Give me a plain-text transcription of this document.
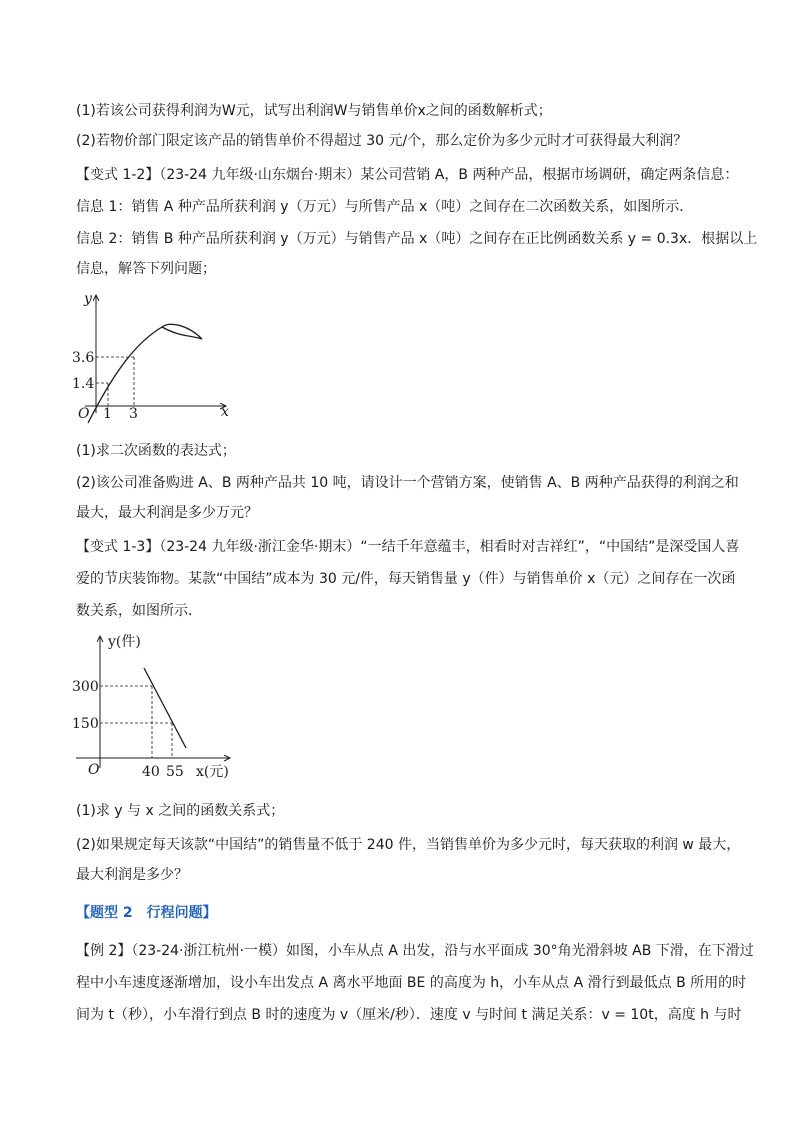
(1)若该公司获得利润为W元，试写出利润W与销售单价x之间的函数解析式；
(2)若物价部门限定该产品的销售单价不得超过 30 元/个，那么定价为多少元时才可获得最大利润？
【变式 1-2】（23-24 九年级·山东烟台·期末）某公司营销 A，B 两种产品，根据市场调研，确定两条信息：
信息 1：销售 A 种产品所获利润 y（万元）与所售产品 x（吨）之间存在二次函数关系，如图所示．
信息 2：销售 B 种产品所获利润 y（万元）与销售产品 x（吨）之间存在正比例函数关系 y = 0.3x．根据以上
信息，解答下列问题；
y
x
O
3.6
1.4
1 3
(1)求二次函数的表达式；
(2)该公司准备购进 A、B 两种产品共 10 吨，请设计一个营销方案，使销售 A、B 两种产品获得的利润之和
最大，最大利润是多少万元？
【变式 1-3】（23-24 九年级·浙江金华·期末）“一结千年意蕴丰，相看时对吉祥红”，“中国结”是深受国人喜
爱的节庆装饰物。某款“中国结”成本为 30 元/件，每天销售量 y（件）与销售单价 x（元）之间存在一次函
数关系，如图所示．
y(件)
x(元)
O
300
150
40 55
(1)求 y 与 x 之间的函数关系式；
(2)如果规定每天该款“中国结”的销售量不低于 240 件，当销售单价为多少元时，每天获取的利润 w 最大，
最大利润是多少？
【题型 2　行程问题】
【例 2】（23-24·浙江杭州·一模）如图，小车从点 A 出发，沿与水平面成 30°角光滑斜坡 AB 下滑，在下滑过
程中小车速度逐渐增加，设小车出发点 A 离水平地面 BE 的高度为 h，小车从点 A 滑行到最低点 B 所用的时
间为 t（秒），小车滑行到点 B 时的速度为 v（厘米/秒）．速度 v 与时间 t 满足关系：v = 10t，高度 h 与时
